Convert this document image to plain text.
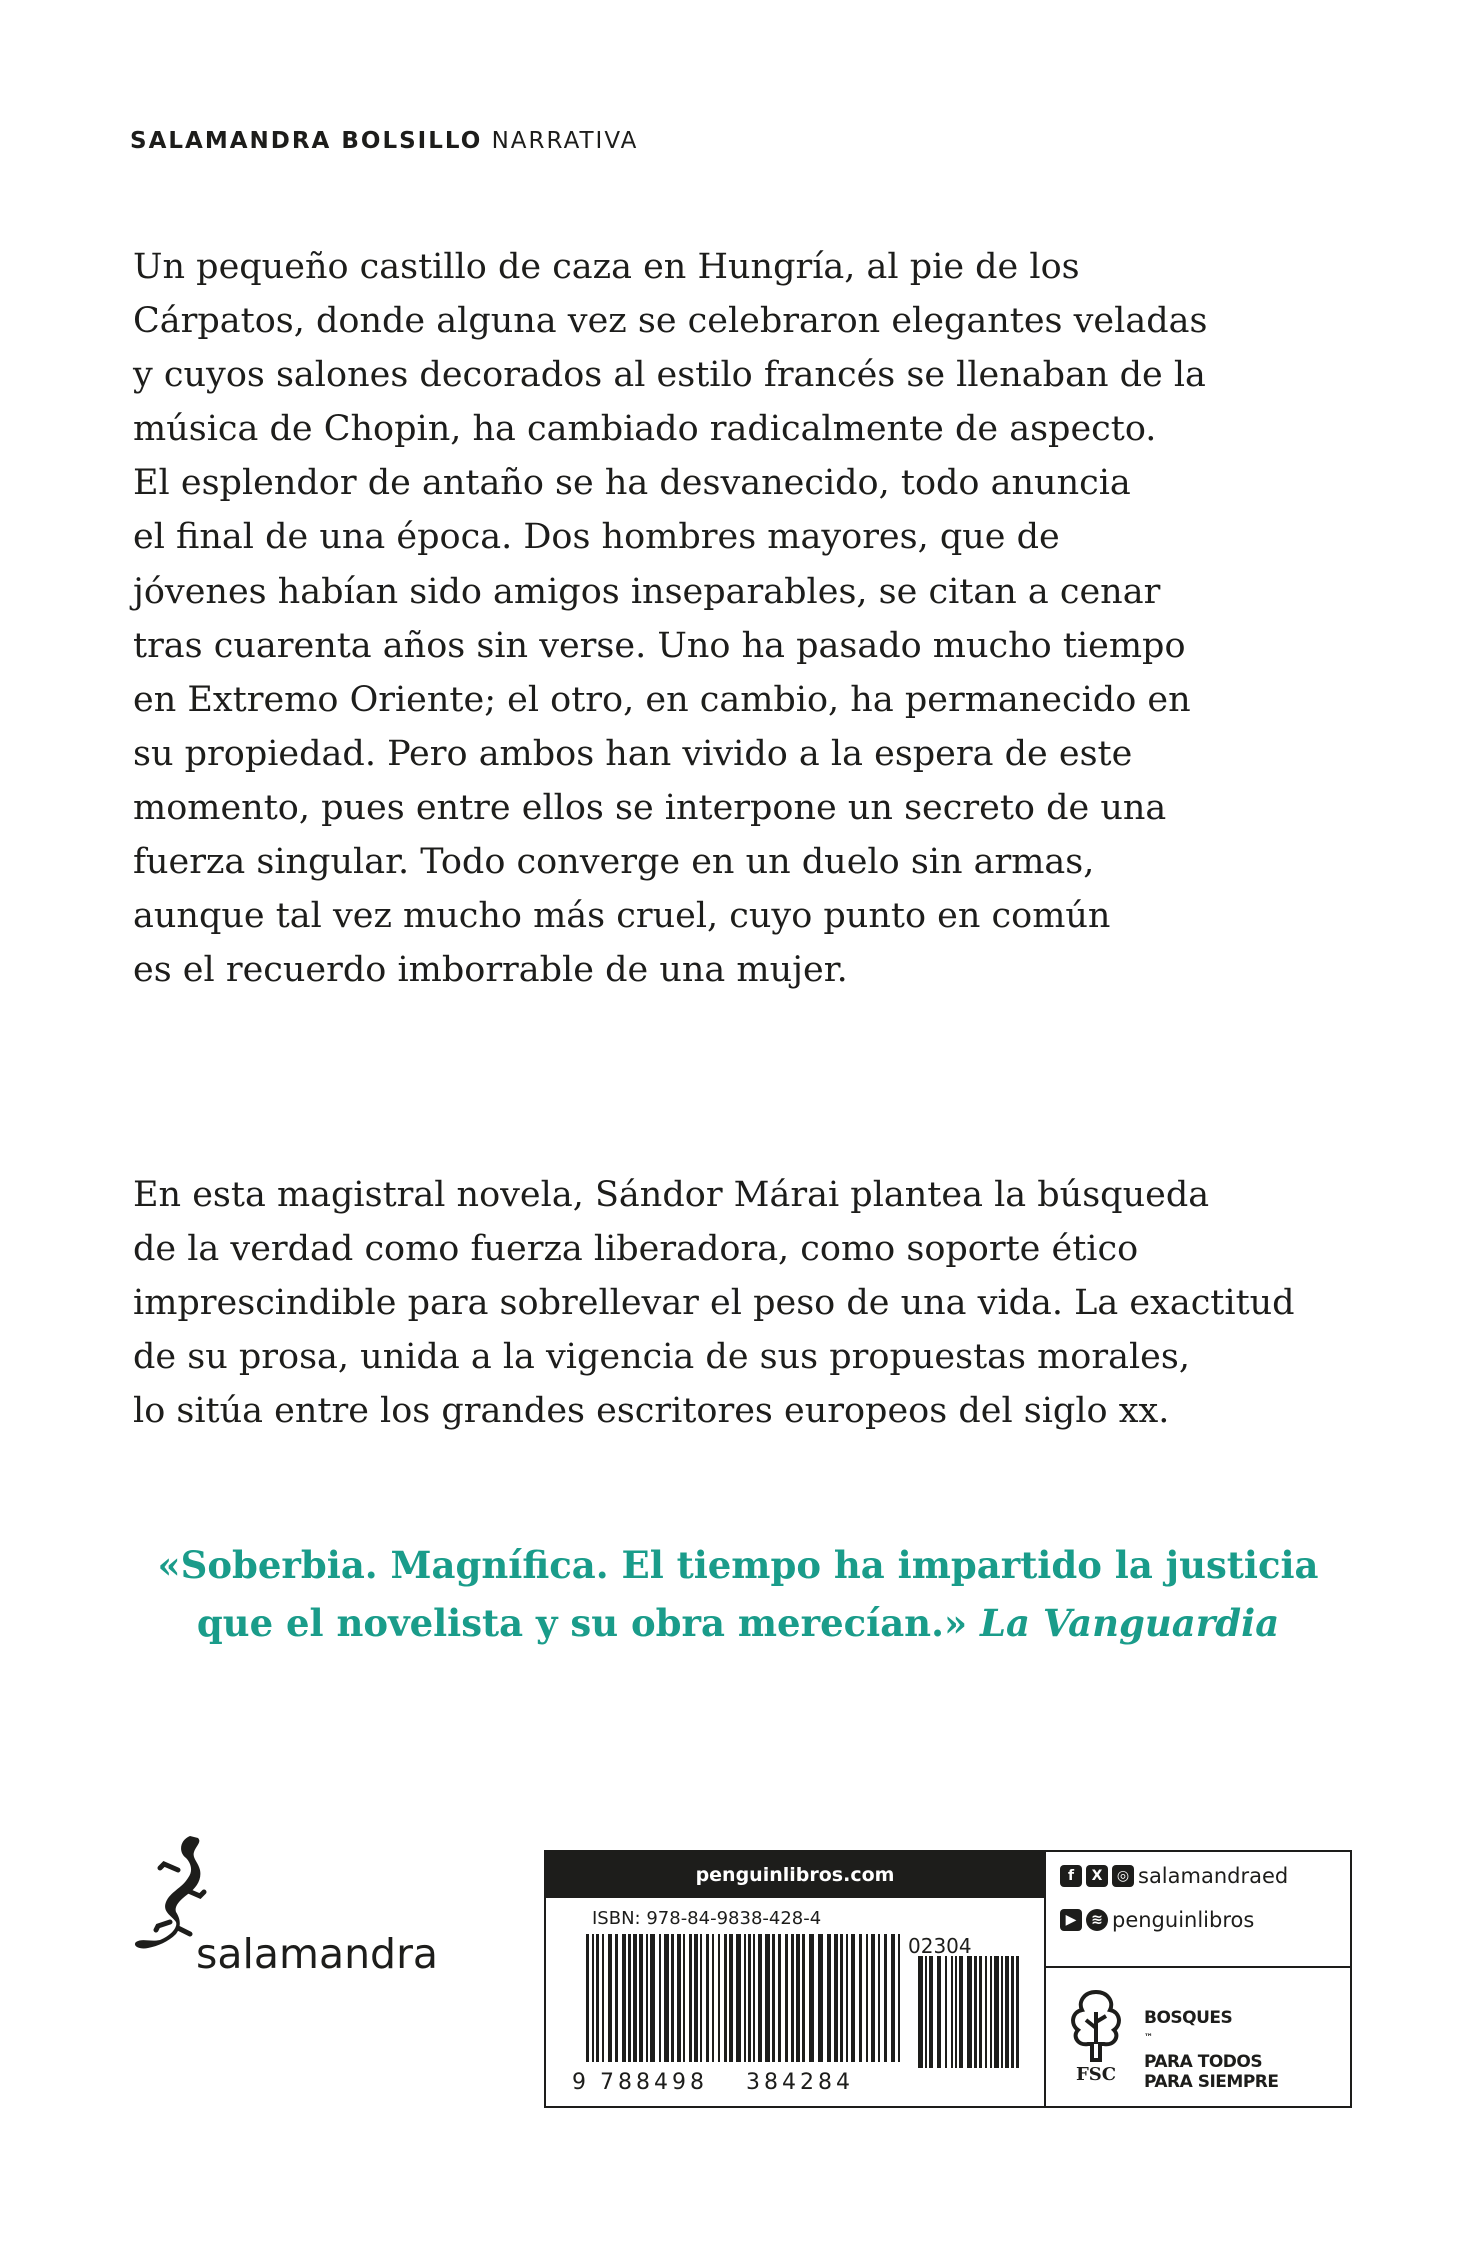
SALAMANDRA BOLSILLO NARRATIVA

Un pequeño castillo de caza en Hungría, al pie de los
Cárpatos, donde alguna vez se celebraron elegantes veladas
y cuyos salones decorados al estilo francés se llenaban de la
música de Chopin, ha cambiado radicalmente de aspecto.
El esplendor de antaño se ha desvanecido, todo anuncia
el final de una época. Dos hombres mayores, que de
jóvenes habían sido amigos inseparables, se citan a cenar
tras cuarenta años sin verse. Uno ha pasado mucho tiempo
en Extremo Oriente; el otro, en cambio, ha permanecido en
su propiedad. Pero ambos han vivido a la espera de este
momento, pues entre ellos se interpone un secreto de una
fuerza singular. Todo converge en un duelo sin armas,
aunque tal vez mucho más cruel, cuyo punto en común
es el recuerdo imborrable de una mujer.

En esta magistral novela, Sándor Márai plantea la búsqueda
de la verdad como fuerza liberadora, como soporte ético
imprescindible para sobrellevar el peso de una vida. La exactitud
de su prosa, unida a la vigencia de sus propuestas morales,
lo sitúa entre los grandes escritores europeos del siglo xx.

«Soberbia. Magnífica. El tiempo ha impartido la justicia
que el novelista y su obra merecían.» La Vanguardia
salamandra
penguinlibros.com
ISBN: 978-84-9838-428-4
02304
9 788498 384284
f	X	◎ salamandraed
▶	≋ penguinlibros
FSC
BOSQUES
™
PARA TODOS
PARA SIEMPRE
